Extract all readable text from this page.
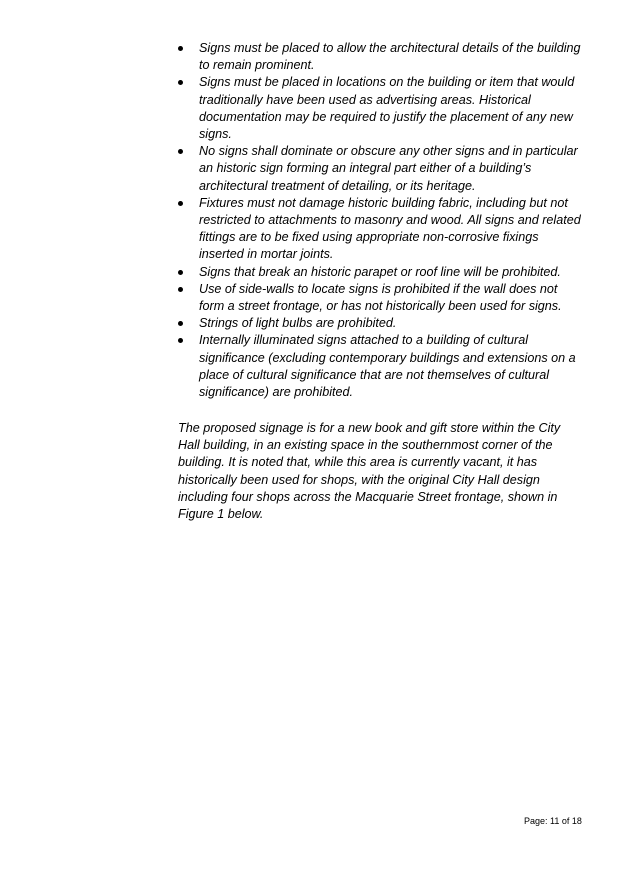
Signs must be placed to allow the architectural details of the building
to remain prominent.
Signs must be placed in locations on the building or item that would
traditionally have been used as advertising areas. Historical
documentation may be required to justify the placement of any new
signs.
No signs shall dominate or obscure any other signs and in particular
an historic sign forming an integral part either of a building’s
architectural treatment of detailing, or its heritage.
Fixtures must not damage historic building fabric, including but not
restricted to attachments to masonry and wood. All signs and related
fittings are to be fixed using appropriate non-corrosive fixings
inserted in mortar joints.
Signs that break an historic parapet or roof line will be prohibited.
Use of side-walls to locate signs is prohibited if the wall does not
form a street frontage, or has not historically been used for signs.
Strings of light bulbs are prohibited.
Internally illuminated signs attached to a building of cultural
significance (excluding contemporary buildings and extensions on a
place of cultural significance that are not themselves of cultural
significance) are prohibited.

The proposed signage is for a new book and gift store within the City
Hall building, in an existing space in the southernmost corner of the
building. It is noted that, while this area is currently vacant, it has
historically been used for shops, with the original City Hall design
including four shops across the Macquarie Street frontage, shown in
Figure 1 below.

Page: 11 of 18
